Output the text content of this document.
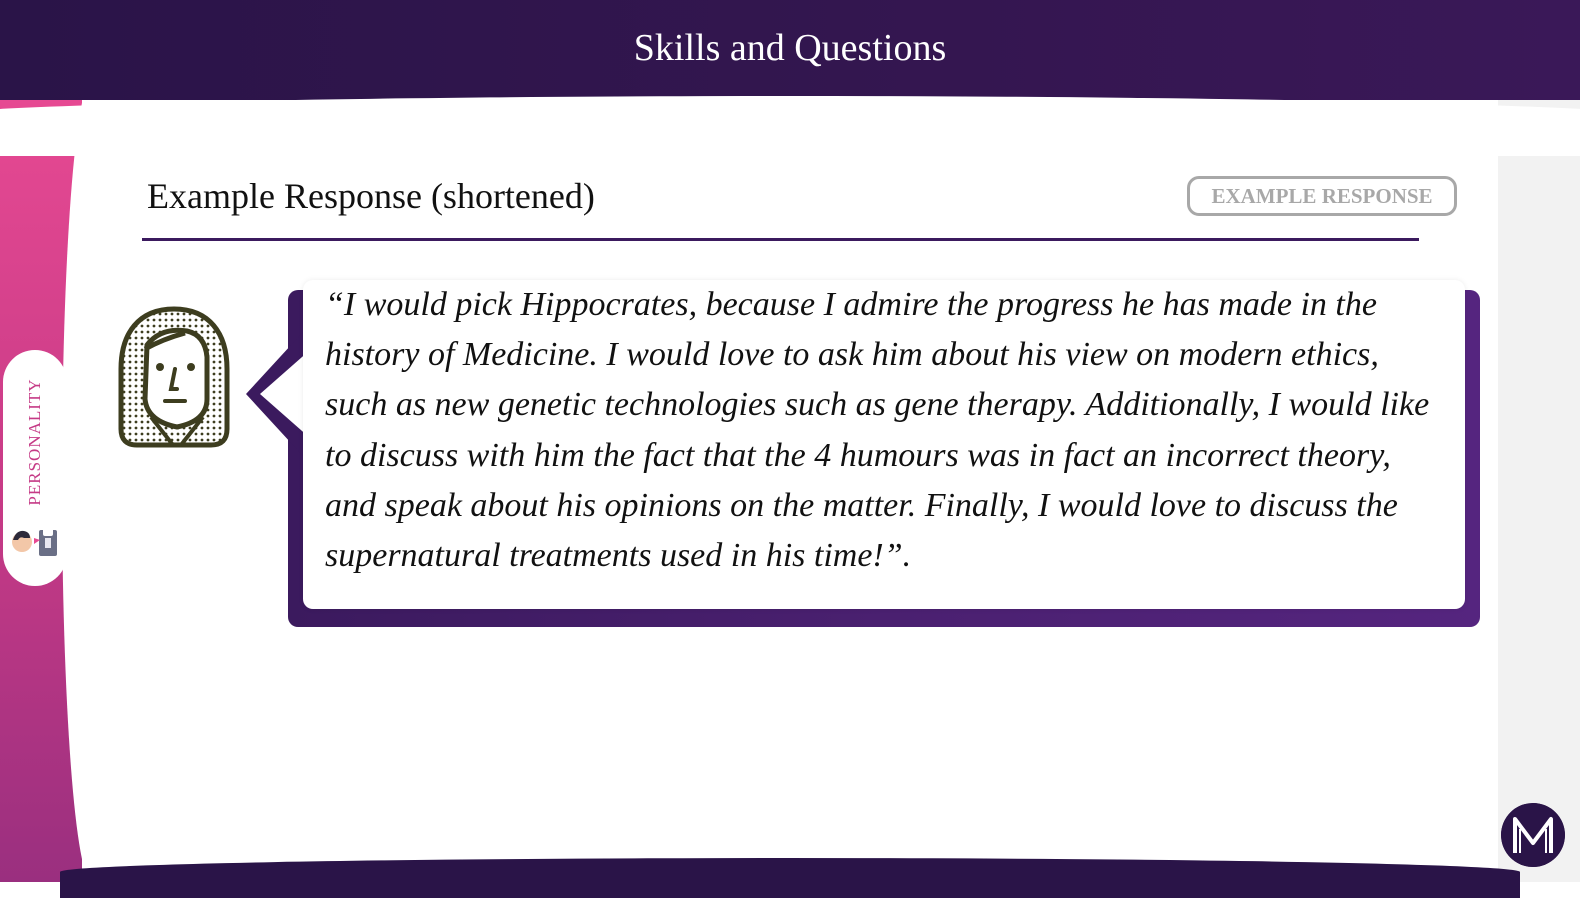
Skills and Questions
PERSONALITY
Example Response (shortened)	EXAMPLE RESPONSE

“I would pick Hippocrates, because I admire the progress he has made in the history of Medicine. I would love to ask him about his view on modern ethics, such as new genetic technologies such as gene therapy. Additionally, I would like to discuss with him the fact that the 4 humours was in fact an incorrect theory, and speak about his opinions on the matter. Finally, I would love to discuss the supernatural treatments used in his time!”.
